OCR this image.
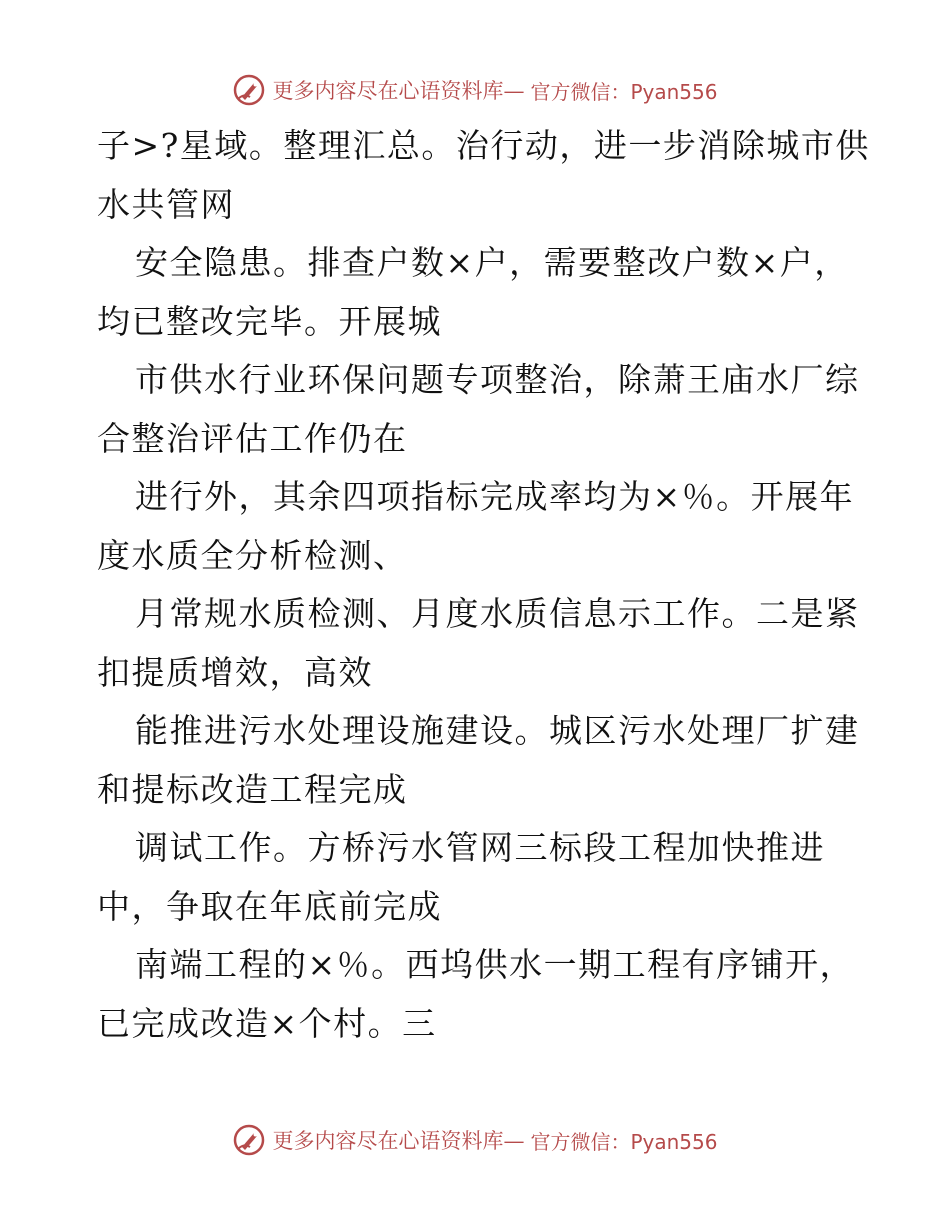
更多内容尽在心语资料库— 官方微信：Pyan556
子>?星域。整理汇总。治行动，进一步消除城市供
水共管网
安全隐患。排查户数×户，需要整改户数×户，
均已整改完毕。开展城
市供水行业环保问题专项整治，除萧王庙水厂综
合整治评估工作仍在
进行外，其余四项指标完成率均为×％。开展年
度水质全分析检测、
月常规水质检测、月度水质信息示工作。二是紧
扣提质增效，高效
能推进污水处理设施建设。城区污水处理厂扩建
和提标改造工程完成
调试工作。方桥污水管网三标段工程加快推进
中，争取在年底前完成
南端工程的×％。西坞供水一期工程有序铺开，
已完成改造×个村。三
更多内容尽在心语资料库— 官方微信：Pyan556
